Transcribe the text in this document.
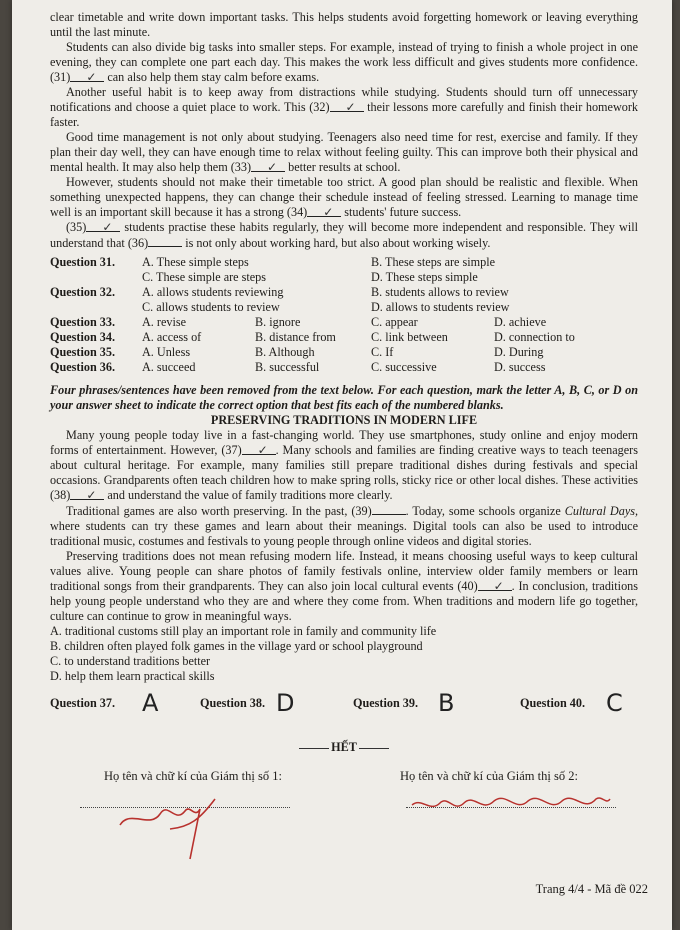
clear timetable and write down important tasks. This helps students avoid forgetting homework or leaving everything until the last minute.

Students can also divide big tasks into smaller steps. For example, instead of trying to finish a whole project in one evening, they can complete one part each day. This makes the work less difficult and gives students more confidence. (31) ✓ can also help them stay calm before exams.

Another useful habit is to keep away from distractions while studying. Students should turn off unnecessary notifications and choose a quiet place to work. This (32) ✓ their lessons more carefully and finish their homework faster.

Good time management is not only about studying. Teenagers also need time for rest, exercise and family. If they plan their day well, they can have enough time to relax without feeling guilty. This can improve both their physical and mental health. It may also help them (33) ✓ better results at school.

However, students should not make their timetable too strict. A good plan should be realistic and flexible. When something unexpected happens, they can change their schedule instead of feeling stressed. Learning to manage time well is an important skill because it has a strong (34) ✓ students' future success.

(35) ✓ students practise these habits regularly, they will become more independent and responsible. They will understand that (36)	is not only about working hard, but also about working wisely.

Question 31. A. These simple steps	B. These steps are simple
C. These simple are steps	D. These steps simple
Question 32. A. allows students reviewing	B. students allows to review
C. allows students to review	D. allows to students review
Question 33. A. revise	B. ignore	C. appear	D. achieve
Question 34. A. access of	B. distance from	C. link between	D. connection to
Question 35. A. Unless	B. Although	C. If	D. During
Question 36. A. succeed	B. successful	C. successive	D. success

Four phrases/sentences have been removed from the text below. For each question, mark the letter A, B, C, or D on your answer sheet to indicate the correct option that best fits each of the numbered blanks.

PRESERVING TRADITIONS IN MODERN LIFE

Many young people today live in a fast-changing world. They use smartphones, study online and enjoy modern forms of entertainment. However, (37) ✓ . Many schools and families are finding creative ways to teach teenagers about cultural heritage. For example, many families still prepare traditional dishes during festivals and special occasions. Grandparents often teach children how to make spring rolls, sticky rice or other local dishes. These activities (38) ✓ and understand the value of family traditions more clearly.

Traditional games are also worth preserving. In the past, (39)	. Today, some schools organize Cultural Days, where students can try these games and learn about their meanings. Digital tools can also be used to introduce traditional music, costumes and festivals to young people through online videos and digital stories.

Preserving traditions does not mean refusing modern life. Instead, it means choosing useful ways to keep cultural values alive. Young people can share photos of family festivals online, interview older family members or learn traditional songs from their grandparents. They can also join local cultural events (40) ✓ . In conclusion, traditions help young people understand who they are and where they come from. When traditions and modern life go together, culture can continue to grow in meaningful ways.

A. traditional customs still play an important role in family and community life

B. children often played folk games in the village yard or school playground

C. to understand traditions better

D. help them learn practical skills

Question 37. A	Question 38. D	Question 39. B	Question 40. C

HẾT

Họ tên và chữ kí của Giám thị số 1:	Họ tên và chữ kí của Giám thị số 2:
Trang 4/4 - Mã đề 022
